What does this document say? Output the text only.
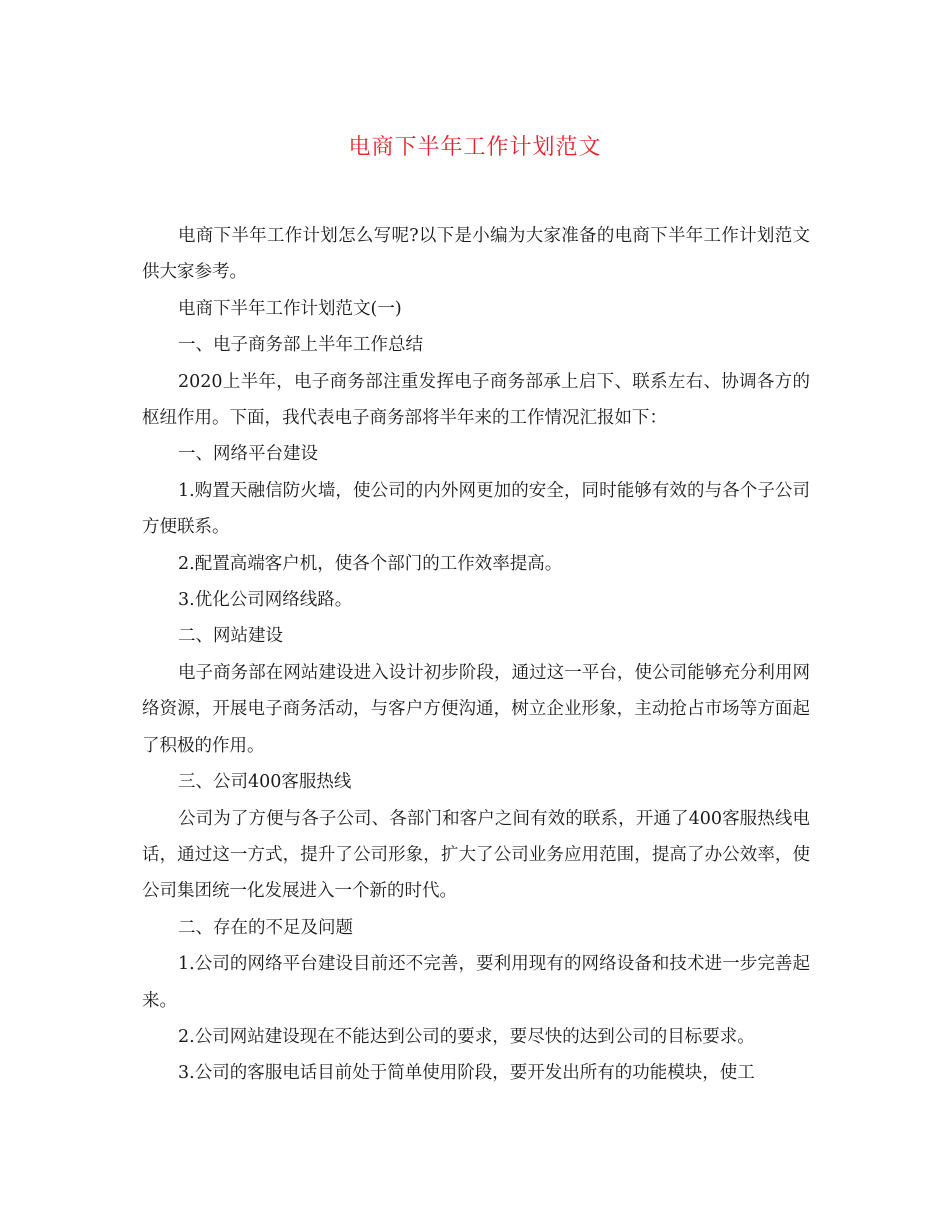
电商下半年工作计划范文

电商下半年工作计划怎么写呢?以下是小编为大家准备的电商下半年工作计划范文供大家参考。

电商下半年工作计划范文(一)

一、电子商务部上半年工作总结

2020上半年，电子商务部注重发挥电子商务部承上启下、联系左右、协调各方的枢纽作用。下面，我代表电子商务部将半年来的工作情况汇报如下：

一、网络平台建设

1.购置天融信防火墙，使公司的内外网更加的安全，同时能够有效的与各个子公司方便联系。

2.配置高端客户机，使各个部门的工作效率提高。

3.优化公司网络线路。

二、网站建设

电子商务部在网站建设进入设计初步阶段，通过这一平台，使公司能够充分利用网络资源，开展电子商务活动，与客户方便沟通，树立企业形象，主动抢占市场等方面起了积极的作用。

三、公司400客服热线

公司为了方便与各子公司、各部门和客户之间有效的联系，开通了400客服热线电话，通过这一方式，提升了公司形象，扩大了公司业务应用范围，提高了办公效率，使公司集团统一化发展进入一个新的时代。

二、存在的不足及问题

1.公司的网络平台建设目前还不完善，要利用现有的网络设备和技术进一步完善起来。

2.公司网站建设现在不能达到公司的要求，要尽快的达到公司的目标要求。

3.公司的客服电话目前处于简单使用阶段，要开发出所有的功能模块，使工
